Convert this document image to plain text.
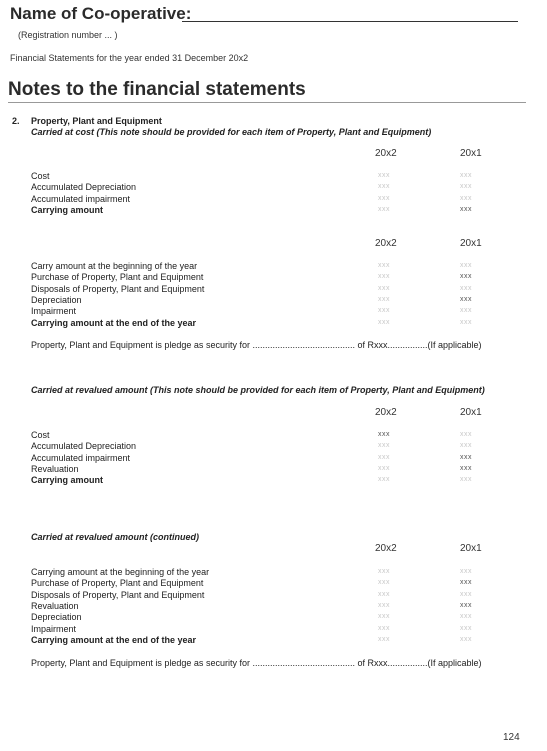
Name of Co-operative:
(Registration number ... )
Financial Statements for the year ended 31 December 20x2
Notes to the financial statements
2. Property, Plant and Equipment
Carried at cost (This note should be provided for each item of Property, Plant and Equipment)
20x2	20x1
Cost	xxx	xxx
Accumulated Depreciation	xxx	xxx
Accumulated impairment	xxx	xxx
Carrying amount	xxx	xxx
20x2	20x1
Carry amount at the beginning of the year	xxx	xxx
Purchase of Property, Plant and Equipment	xxx	xxx
Disposals of Property, Plant and Equipment	xxx	xxx
Depreciation	xxx	xxx
Impairment	xxx	xxx
Carrying amount at the end of the year	xxx	xxx
Property, Plant and Equipment is pledge as security for ......................................... of Rxxx................(If applicable)
Carried at revalued amount (This note should be provided for each item of Property, Plant and Equipment)
20x2	20x1
Cost	xxx	xxx
Accumulated Depreciation	xxx	xxx
Accumulated impairment	xxx	xxx
Revaluation	xxx	xxx
Carrying amount	xxx	xxx
Carried at revalued amount (continued)
20x2	20x1
Carrying amount at the beginning of the year	xxx	xxx
Purchase of Property, Plant and Equipment	xxx	xxx
Disposals of Property, Plant and Equipment	xxx	xxx
Revaluation	xxx	xxx
Depreciation	xxx	xxx
Impairment	xxx	xxx
Carrying amount at the end of the year	xxx	xxx
Property, Plant and Equipment is pledge as security for ......................................... of Rxxx................(If applicable)
124
